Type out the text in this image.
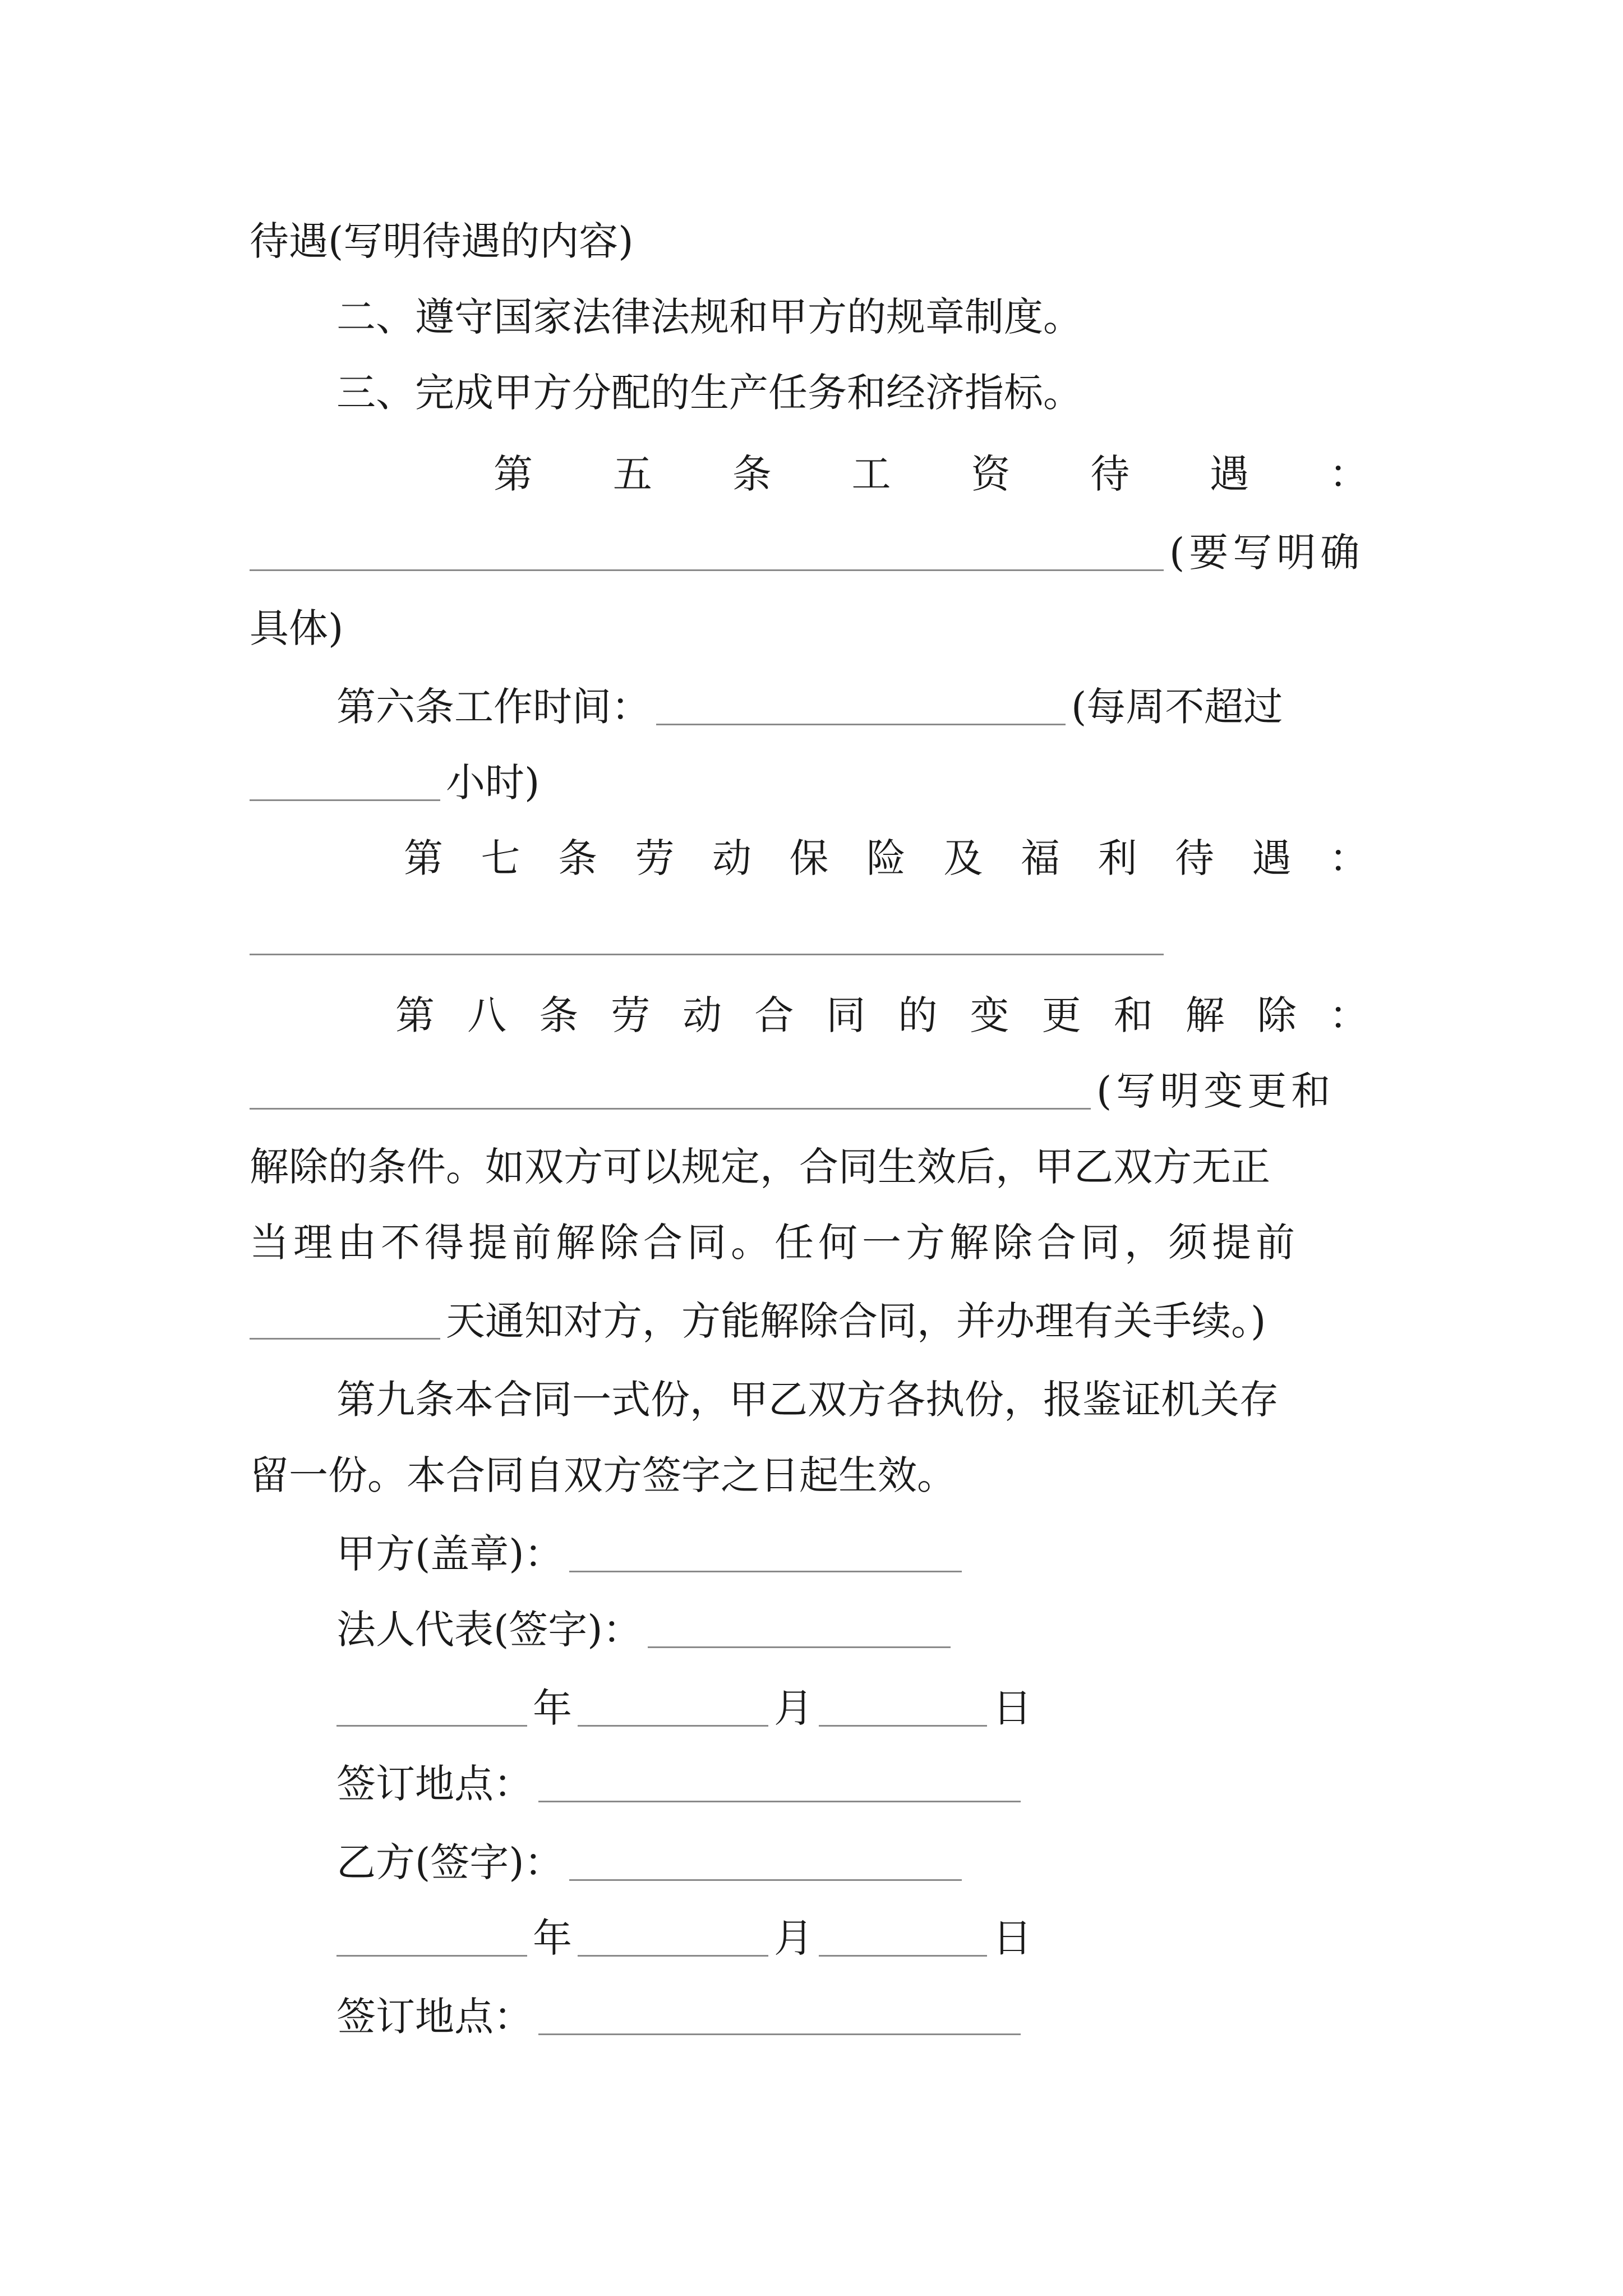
待遇(写明待遇的内容)
二、遵守国家法律法规和甲方的规章制度。
三、完成甲方分配的生产任务和经济指标。
第 五 条 工 资 待 遇 ：
(要写明确
具体)
第六条工作时间：	(每周不超过
小时)
第 七 条 劳 动 保 险 及 福 利 待 遇 ：
第 八 条 劳 动 合 同 的 变 更 和 解 除 ：
(写明变更和
解除的条件。如双方可以规定，合同生效后，甲乙双方无正
当理由不得提前解除合同。任何一方解除合同，须提前
天通知对方，方能解除合同，并办理有关手续。)
第九条本合同一式份，甲乙双方各执份，报鉴证机关存
留一份。本合同自双方签字之日起生效。
甲方(盖章)：
法人代表(签字)：
年	月	日
签订地点：
乙方(签字)：
年	月	日
签订地点：
